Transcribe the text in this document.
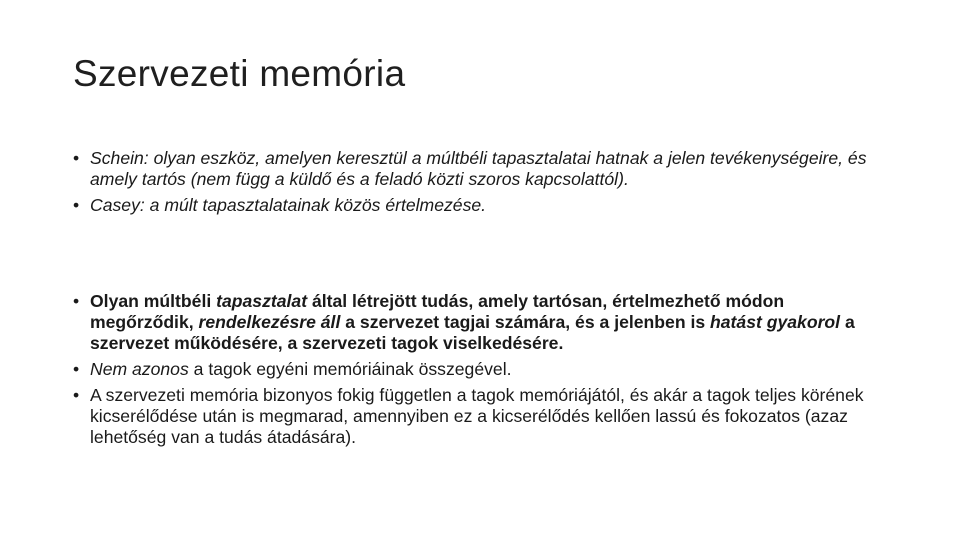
Szervezeti memória
• Schein: olyan eszköz, amelyen keresztül a múltbéli tapasztalatai hatnak a jelen tevékenységeire, és amely tartós (nem függ a küldő és a feladó közti szoros kapcsolattól).
• Casey: a múlt tapasztalatainak közös értelmezése.
• Olyan múltbéli tapasztalat által létrejött tudás, amely tartósan, értelmezhető módon megőrződik, rendelkezésre áll a szervezet tagjai számára, és a jelenben is hatást gyakorol a szervezet működésére, a szervezeti tagok viselkedésére.
• Nem azonos a tagok egyéni memóriáinak összegével.
• A szervezeti memória bizonyos fokig független a tagok memóriájától, és akár a tagok teljes körének kicserélődése után is megmarad, amennyiben ez a kicserélődés kellően lassú és fokozatos (azaz lehetőség van a tudás átadására).
